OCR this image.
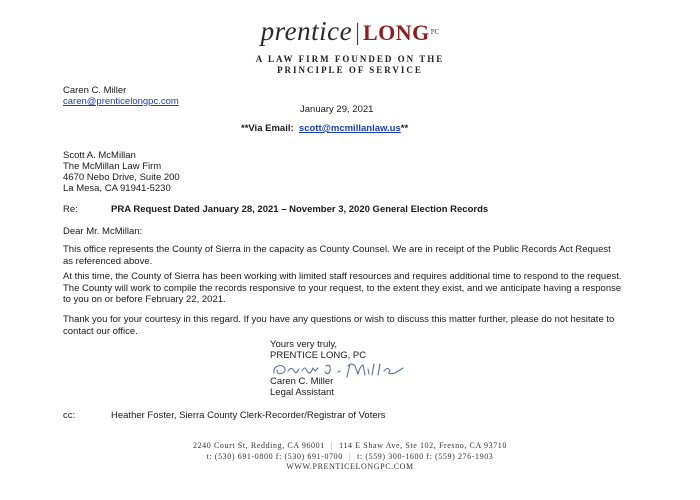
prentice | $LONG^{PC}$
A LAW FIRM FOUNDED ON THE
PRINCIPLE OF SERVICE
Caren C. Miller
caren@prenticelongpc.com
January 29, 2021
**Via Email: scott@mcmillanlaw.us**
Scott A. McMillan
The McMillan Law Firm
4670 Nebo Drive, Suite 200
La Mesa, CA 91941-5230
Re:	PRA Request Dated January 28, 2021 – November 3, 2020 General Election Records
Dear Mr. McMillan:
This office represents the County of Sierra in the capacity as County Counsel. We are in receipt of the Public Records Act Request as referenced above.
At this time, the County of Sierra has been working with limited staff resources and requires additional time to respond to the request. The County will work to compile the records responsive to your request, to the extent they exist, and we anticipate having a response to you on or before February 22, 2021.
Thank you for your courtesy in this regard. If you have any questions or wish to discuss this matter further, please do not hesitate to contact our office.
Yours very truly,
PRENTICE LONG, PC
Caren C. Miller
Legal Assistant
cc:	Heather Foster, Sierra County Clerk-Recorder/Registrar of Voters
2240 Court St, Redding, CA 96001 | 114 E Shaw Ave, Ste 102, Fresno, CA 93710
t: (530) 691-0800 f: (530) 691-0700 | t: (559) 300-1600 f: (559) 276-1903
WWW.PRENTICELONGPC.COM
